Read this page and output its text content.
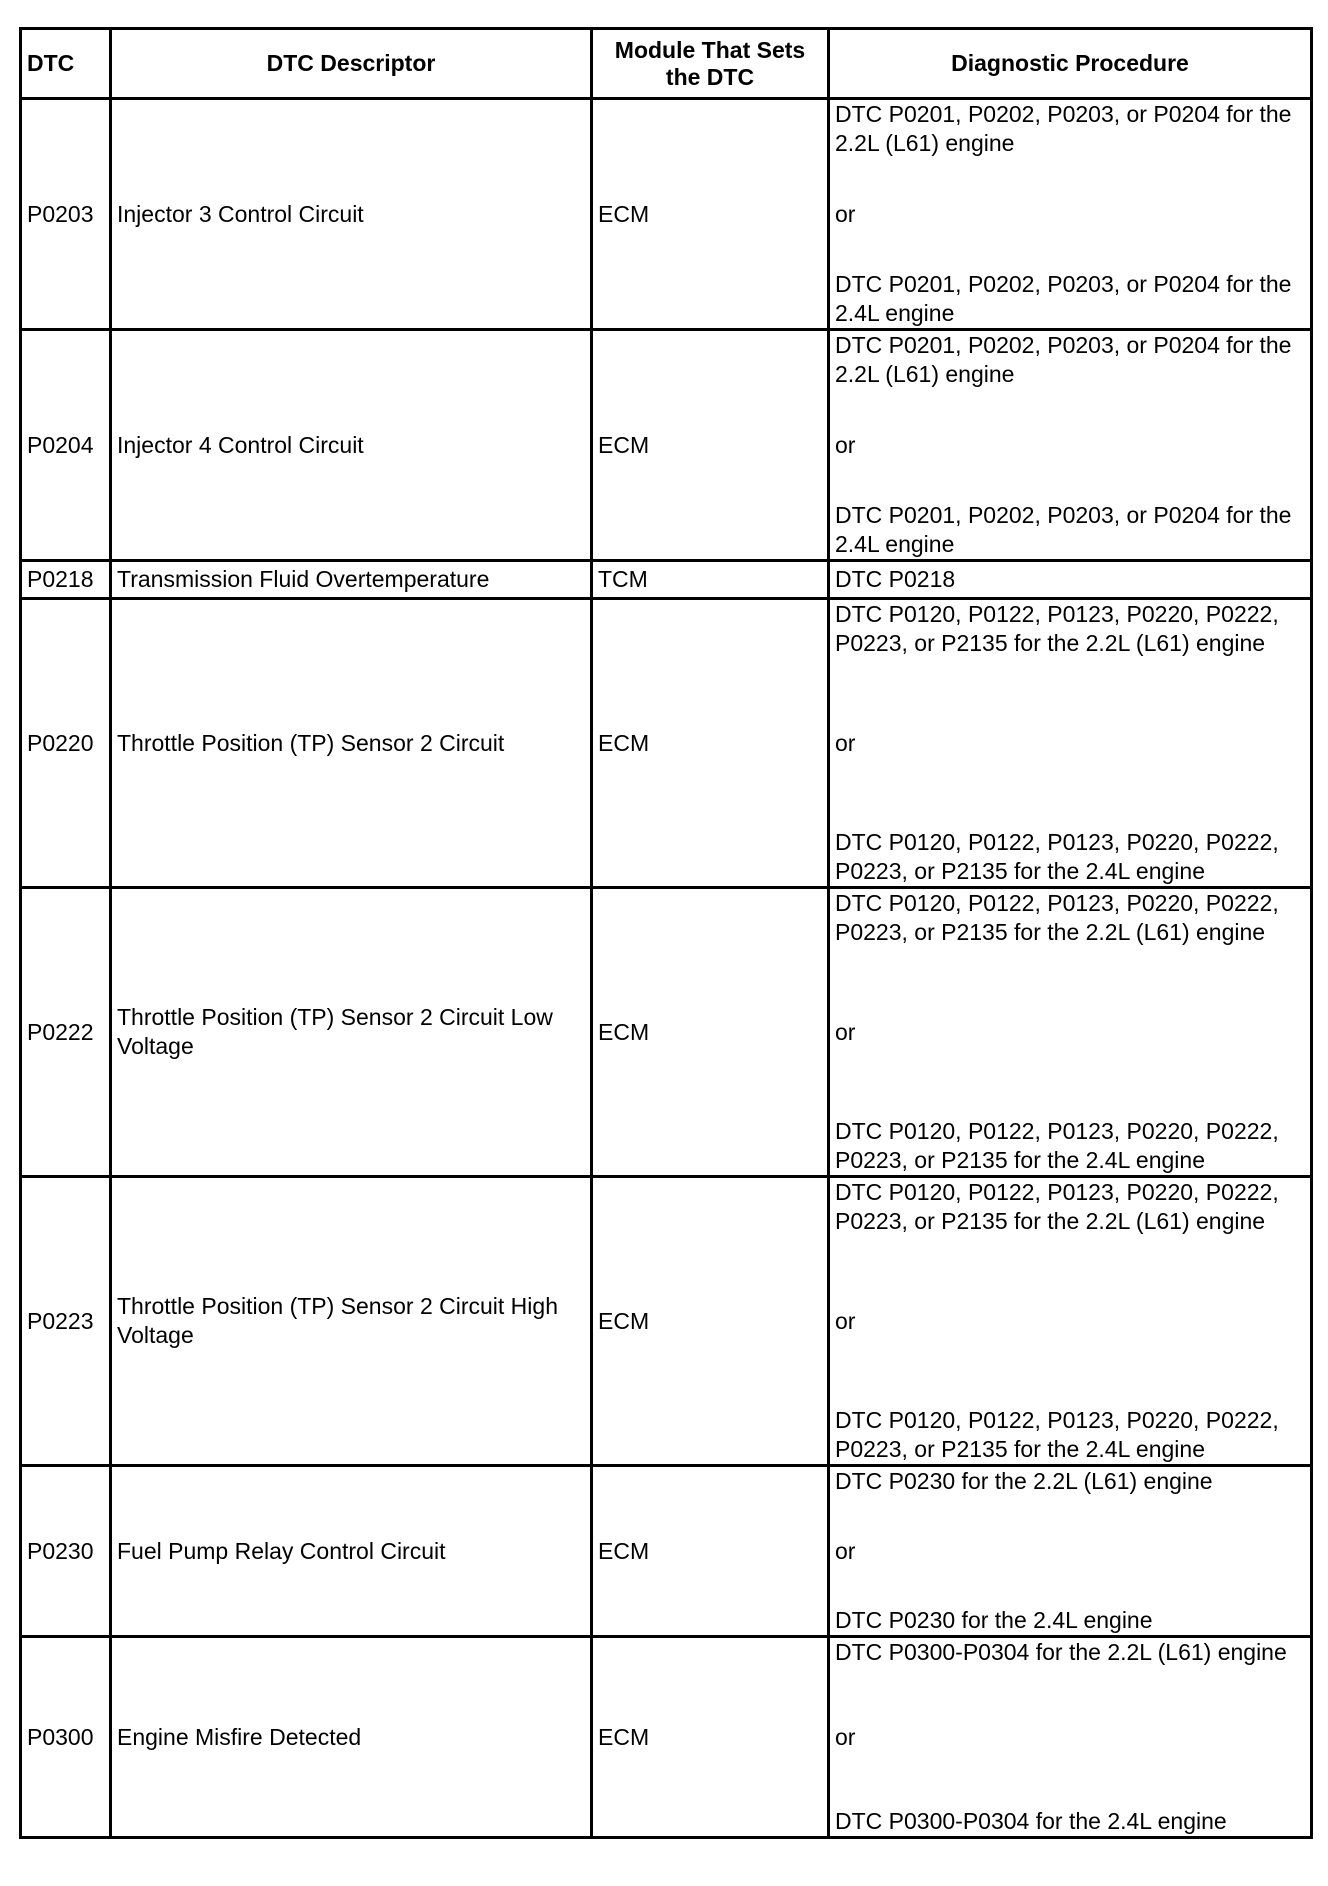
DTC	DTC Descriptor	Module That Sets
the DTC	Diagnostic Procedure
P0203	Injector 3 Control Circuit	ECM	DTC P0201, P0202, P0203, or P0204 for the 2.2L (L61) engine
or
DTC P0201, P0202, P0203, or P0204 for the 2.4L engine

P0204	Injector 4 Control Circuit	ECM	DTC P0201, P0202, P0203, or P0204 for the 2.2L (L61) engine
or
DTC P0201, P0202, P0203, or P0204 for the 2.4L engine

P0218	Transmission Fluid Overtemperature	TCM	DTC P0218
P0220	Throttle Position (TP) Sensor 2 Circuit	ECM	DTC P0120, P0122, P0123, P0220, P0222, P0223, or P2135 for the 2.2L (L61) engine
or
DTC P0120, P0122, P0123, P0220, P0222, P0223, or P2135 for the 2.4L engine

P0222	Throttle Position (TP) Sensor 2 Circuit Low Voltage	ECM	DTC P0120, P0122, P0123, P0220, P0222, P0223, or P2135 for the 2.2L (L61) engine
or
DTC P0120, P0122, P0123, P0220, P0222, P0223, or P2135 for the 2.4L engine

P0223	Throttle Position (TP) Sensor 2 Circuit High Voltage	ECM	DTC P0120, P0122, P0123, P0220, P0222, P0223, or P2135 for the 2.2L (L61) engine
or
DTC P0120, P0122, P0123, P0220, P0222, P0223, or P2135 for the 2.4L engine

P0230	Fuel Pump Relay Control Circuit	ECM	DTC P0230 for the 2.2L (L61) engine
or
DTC P0230 for the 2.4L engine

P0300	Engine Misfire Detected	ECM	DTC P0300-P0304 for the 2.2L (L61) engine
or
DTC P0300-P0304 for the 2.4L engine
